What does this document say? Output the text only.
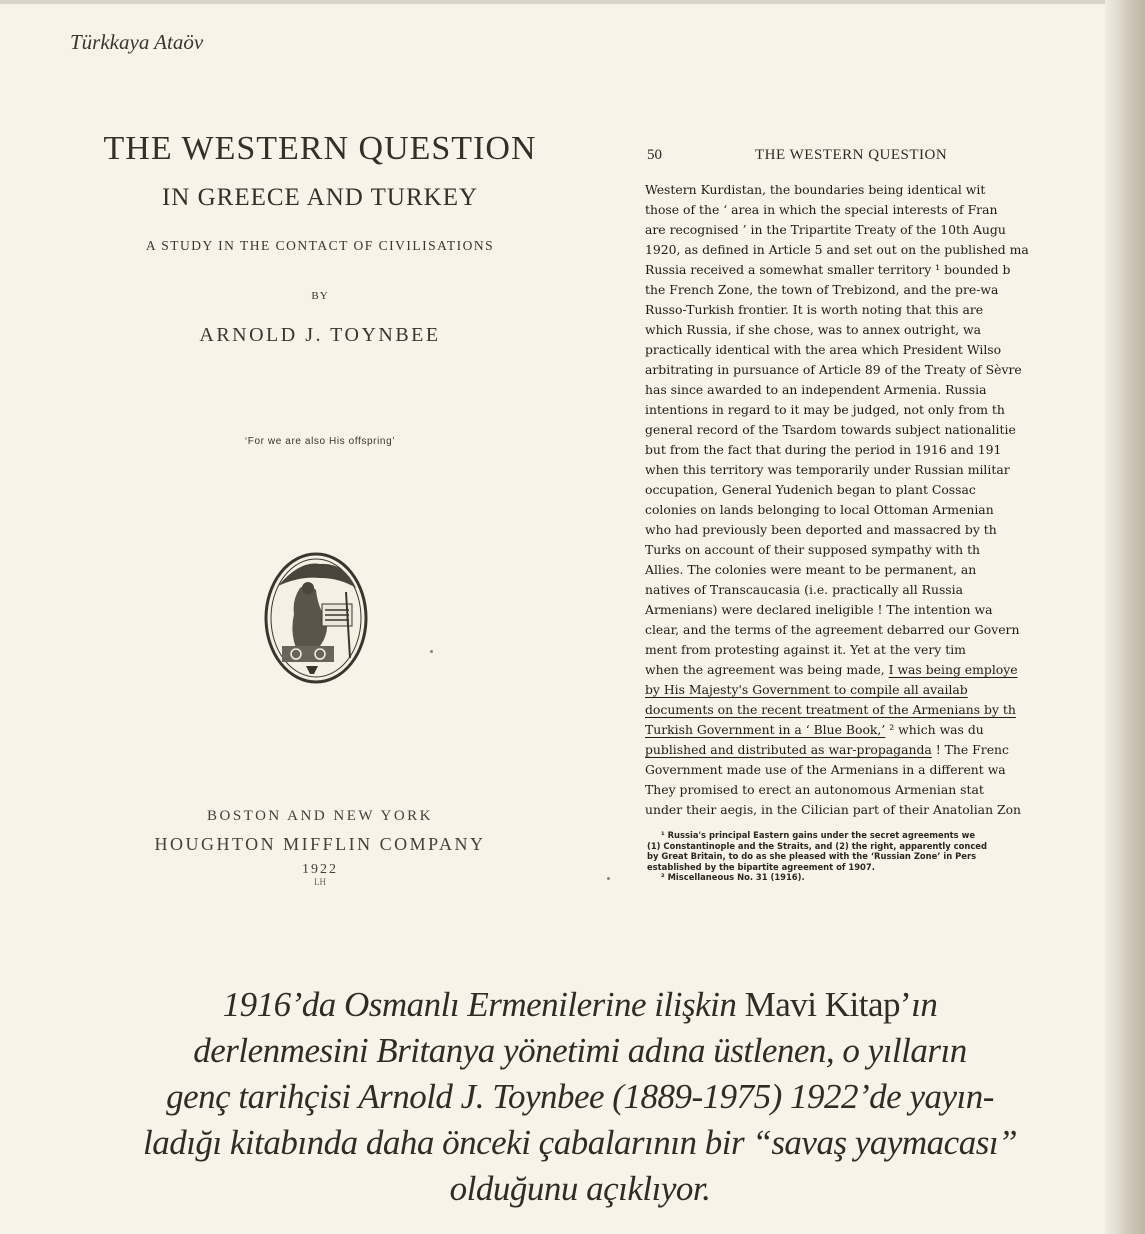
Türkkaya Ataöv
THE WESTERN QUESTION
IN GREECE AND TURKEY
A STUDY IN THE CONTACT OF CIVILISATIONS
BY
ARNOLD J. TOYNBEE
‘For we are also His offspring’
BOSTON AND NEW YORK
HOUGHTON MIFFLIN COMPANY
1922
LH
50	THE WESTERN QUESTION
Western Kurdistan, the boundaries being identical wit
those of the ‘ area in which the special interests of Fran
are recognised ’ in the Tripartite Treaty of the 10th Augu
1920, as defined in Article 5 and set out on the published ma
Russia received a somewhat smaller territory ¹ bounded b
the French Zone, the town of Trebizond, and the pre-wa
Russo-Turkish frontier. It is worth noting that this are
which Russia, if she chose, was to annex outright, wa
practically identical with the area which President Wilso
arbitrating in pursuance of Article 89 of the Treaty of Sèvre
has since awarded to an independent Armenia. Russia
intentions in regard to it may be judged, not only from th
general record of the Tsardom towards subject nationalitie
but from the fact that during the period in 1916 and 191
when this territory was temporarily under Russian militar
occupation, General Yudenich began to plant Cossac
colonies on lands belonging to local Ottoman Armenian
who had previously been deported and massacred by th
Turks on account of their supposed sympathy with th
Allies. The colonies were meant to be permanent, an
natives of Transcaucasia (i.e. practically all Russia
Armenians) were declared ineligible ! The intention wa
clear, and the terms of the agreement debarred our Govern
ment from protesting against it. Yet at the very tim
when the agreement was being made, I was being employe
by His Majesty's Government to compile all availab
documents on the recent treatment of the Armenians by th
Turkish Government in a ‘ Blue Book,’ ² which was du
published and distributed as war-propaganda ! The Frenc
Government made use of the Armenians in a different wa
They promised to erect an autonomous Armenian stat
under their aegis, in the Cilician part of their Anatolian Zon
¹ Russia's principal Eastern gains under the secret agreements we
(1) Constantinople and the Straits, and (2) the right, apparently conced
by Great Britain, to do as she pleased with the ‘Russian Zone’ in Pers
established by the bipartite agreement of 1907.
² Miscellaneous No. 31 (1916).
1916’da Osmanlı Ermenilerine ilişkin Mavi Kitap’ın
derlenmesini Britanya yönetimi adına üstlenen, o yılların
genç tarihçisi Arnold J. Toynbee (1889-1975) 1922’de yayın-
ladığı kitabında daha önceki çabalarının bir “savaş yaymacası”
olduğunu açıklıyor.
